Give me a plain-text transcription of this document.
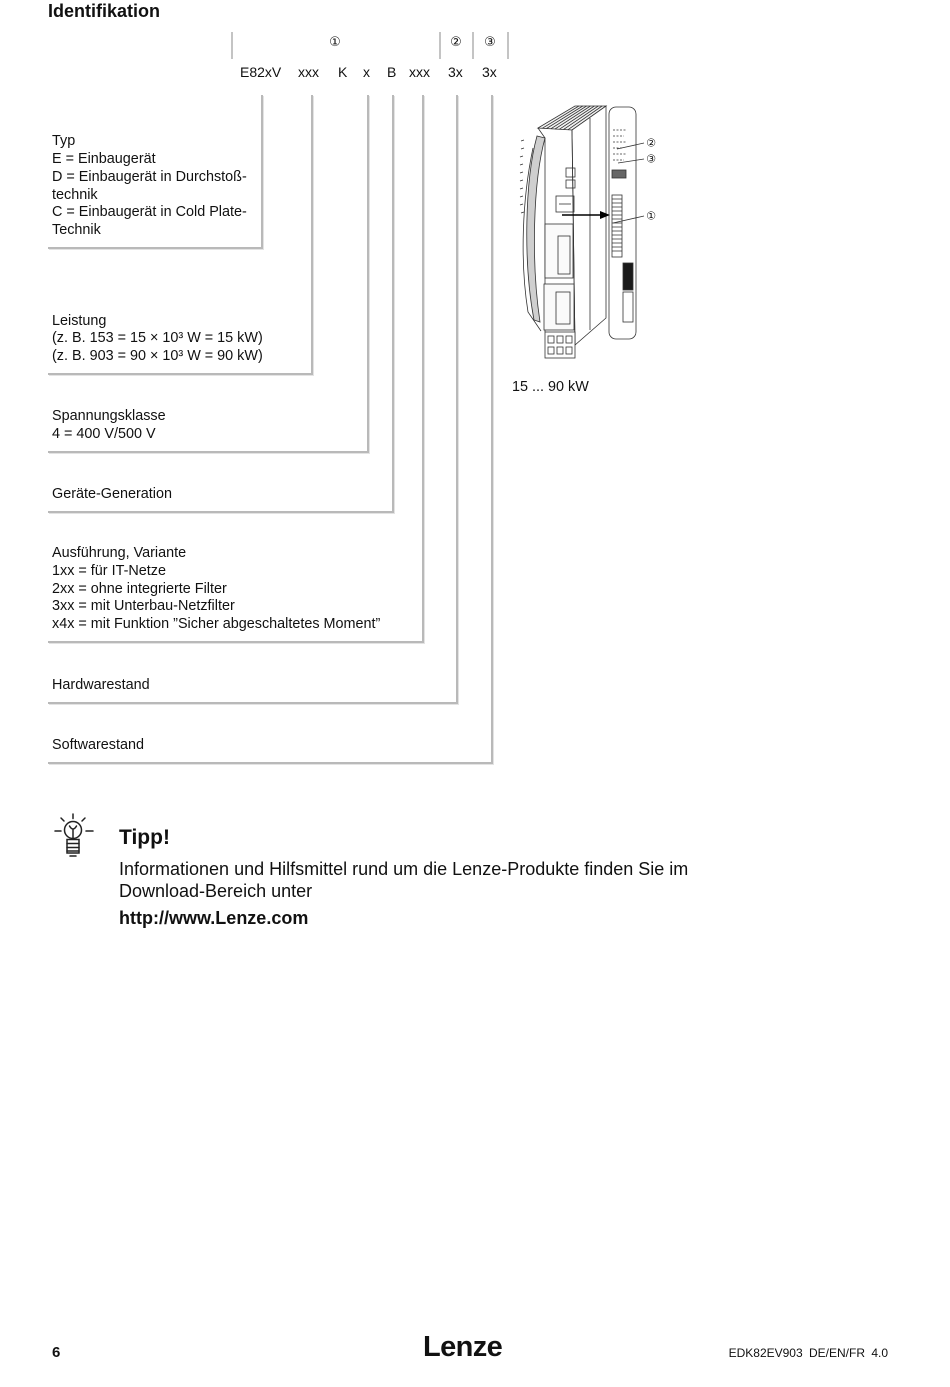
Identifikation
①	② ③
E82xV xxx K x B xxx 3x 3x
Softwarestand
Hardwarestand
Ausführung, Variante
1xx = für IT-Netze
2xx = ohne integrierte Filter
3xx = mit Unterbau-Netzfilter
x4x = mit Funktion ”Sicher abgeschaltetes Moment”
Geräte-Generation
Spannungsklasse
4 = 400 V/500 V
Leistung
(z. B. 153 = 15 × 10³ W = 15 kW)
(z. B. 903 = 90 × 10³ W = 90 kW)
Typ
E = Einbaugerät
D = Einbaugerät in Durchstoß-
technik
C = Einbaugerät in Cold Plate-
Technik
②
③
①
15 ... 90 kW
Tipp!
Informationen und Hilfsmittel rund um die Lenze-Produkte finden Sie im
Download-Bereich unter
http://www.Lenze.com
6	Lenze	EDK82EV903 DE/EN/FR 4.0
